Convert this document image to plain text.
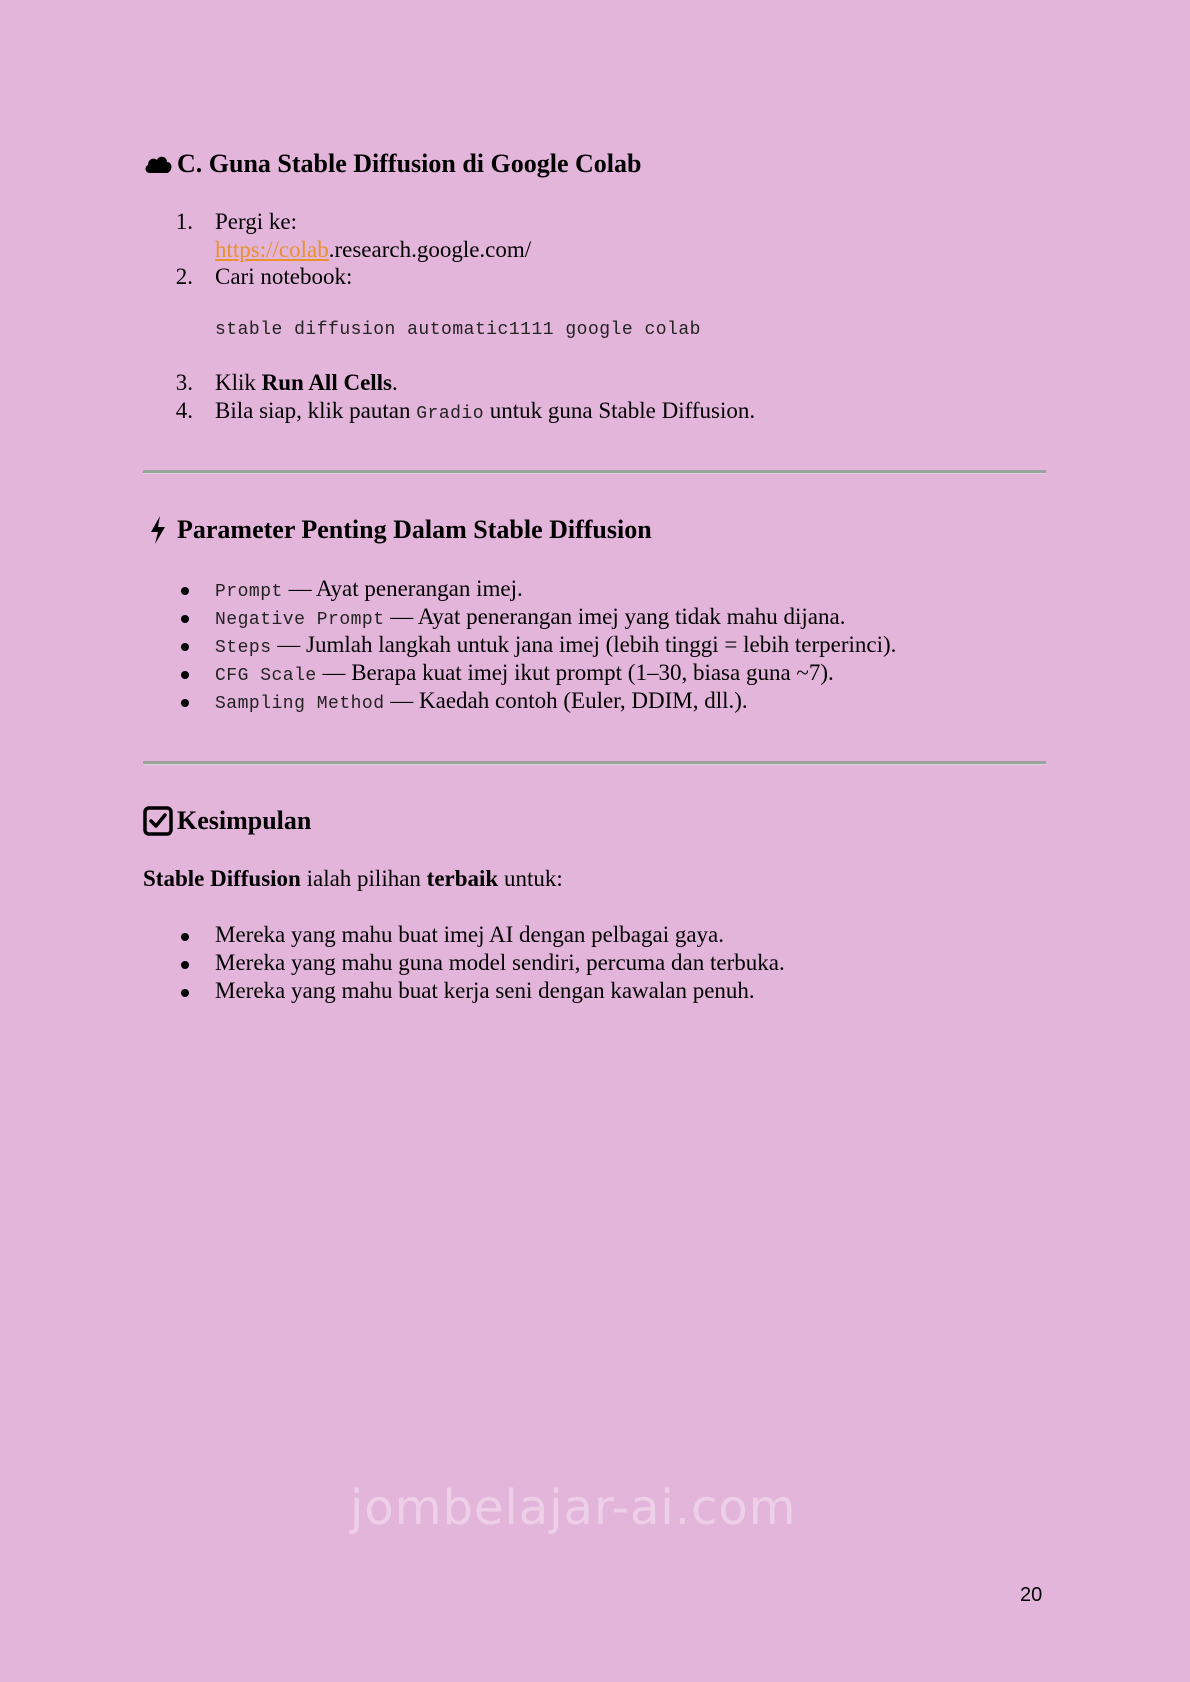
C. Guna Stable Diffusion di Google Colab
1. Pergi ke:
https://colab.research.google.com/
2. Cari notebook:
stable diffusion automatic1111 google colab
3. Klik Run All Cells.
4. Bila siap, klik pautan Gradio untuk guna Stable Diffusion.
Parameter Penting Dalam Stable Diffusion
Prompt — Ayat penerangan imej.
Negative Prompt — Ayat penerangan imej yang tidak mahu dijana.
Steps — Jumlah langkah untuk jana imej (lebih tinggi = lebih terperinci).
CFG Scale — Berapa kuat imej ikut prompt (1–30, biasa guna ~7).
Sampling Method — Kaedah contoh (Euler, DDIM, dll.).
Kesimpulan
Stable Diffusion ialah pilihan terbaik untuk:
Mereka yang mahu buat imej AI dengan pelbagai gaya.
Mereka yang mahu guna model sendiri, percuma dan terbuka.
Mereka yang mahu buat kerja seni dengan kawalan penuh.
jombelajar-ai.com
20
